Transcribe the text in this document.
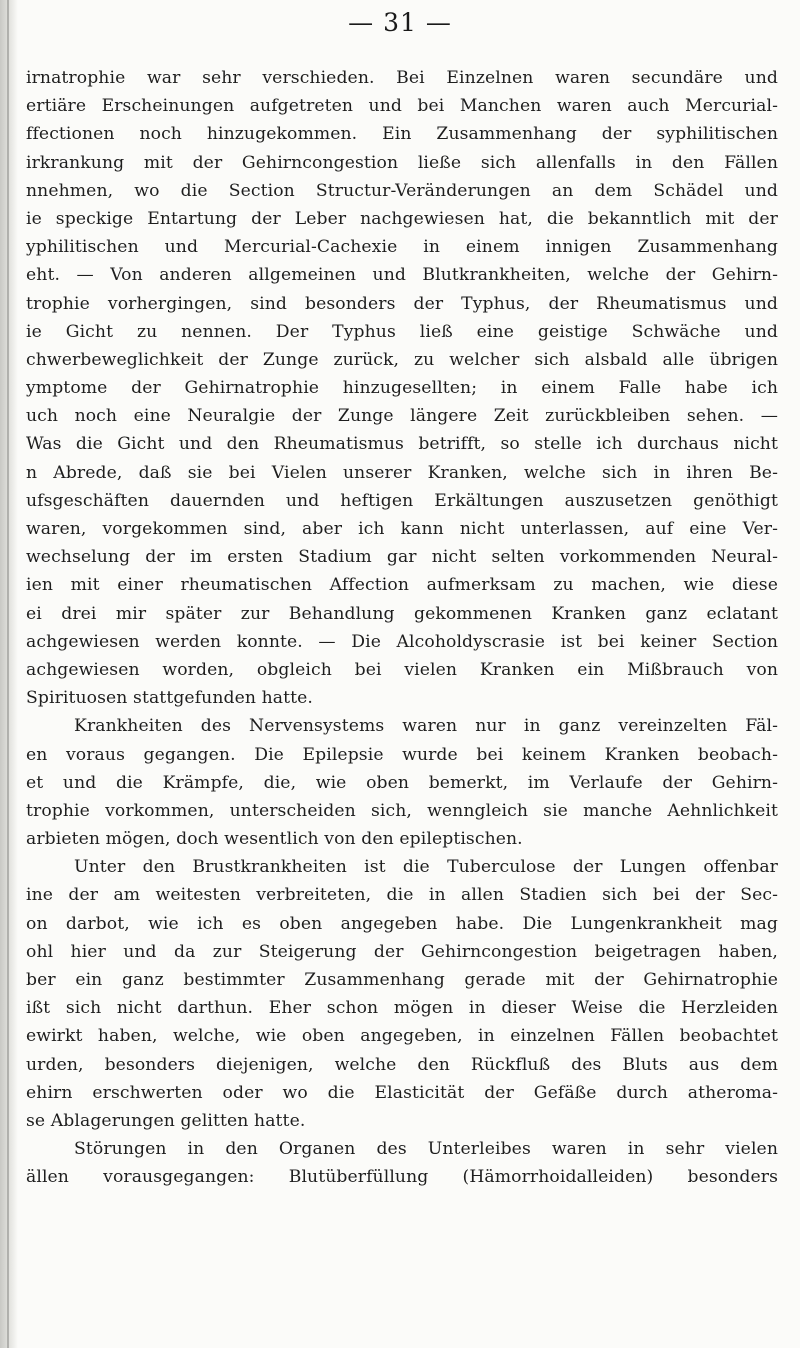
— 31 —
irnatrophie war sehr verschieden. Bei Einzelnen waren secundäre und
ertiäre Erscheinungen aufgetreten und bei Manchen waren auch Mercurial-
ffectionen noch hinzugekommen. Ein Zusammenhang der syphilitischen
irkrankung mit der Gehirncongestion ließe sich allenfalls in den Fällen
nnehmen, wo die Section Structur-Veränderungen an dem Schädel und
ie speckige Entartung der Leber nachgewiesen hat, die bekanntlich mit der
yphilitischen und Mercurial-Cachexie in einem innigen Zusammenhang
eht. — Von anderen allgemeinen und Blutkrankheiten, welche der Gehirn-
trophie vorhergingen, sind besonders der Typhus, der Rheumatismus und
ie Gicht zu nennen. Der Typhus ließ eine geistige Schwäche und
chwerbeweglichkeit der Zunge zurück, zu welcher sich alsbald alle übrigen
ymptome der Gehirnatrophie hinzugesellten; in einem Falle habe ich
uch noch eine Neuralgie der Zunge längere Zeit zurückbleiben sehen. —
Was die Gicht und den Rheumatismus betrifft, so stelle ich durchaus nicht
n Abrede, daß sie bei Vielen unserer Kranken, welche sich in ihren Be-
ufsgeschäften dauernden und heftigen Erkältungen auszusetzen genöthigt
waren, vorgekommen sind, aber ich kann nicht unterlassen, auf eine Ver-
wechselung der im ersten Stadium gar nicht selten vorkommenden Neural-
ien mit einer rheumatischen Affection aufmerksam zu machen, wie diese
ei drei mir später zur Behandlung gekommenen Kranken ganz eclatant
achgewiesen werden konnte. — Die Alcoholdyscrasie ist bei keiner Section
achgewiesen worden, obgleich bei vielen Kranken ein Mißbrauch von
Spirituosen stattgefunden hatte.
Krankheiten des Nervensystems waren nur in ganz vereinzelten Fäl-
en voraus gegangen. Die Epilepsie wurde bei keinem Kranken beobach-
et und die Krämpfe, die, wie oben bemerkt, im Verlaufe der Gehirn-
trophie vorkommen, unterscheiden sich, wenngleich sie manche Aehnlichkeit
arbieten mögen, doch wesentlich von den epileptischen.
Unter den Brustkrankheiten ist die Tuberculose der Lungen offenbar
ine der am weitesten verbreiteten, die in allen Stadien sich bei der Sec-
on darbot, wie ich es oben angegeben habe. Die Lungenkrankheit mag
ohl hier und da zur Steigerung der Gehirncongestion beigetragen haben,
ber ein ganz bestimmter Zusammenhang gerade mit der Gehirnatrophie
ißt sich nicht darthun. Eher schon mögen in dieser Weise die Herzleiden
ewirkt haben, welche, wie oben angegeben, in einzelnen Fällen beobachtet
urden, besonders diejenigen, welche den Rückfluß des Bluts aus dem
ehirn erschwerten oder wo die Elasticität der Gefäße durch atheroma-
se Ablagerungen gelitten hatte.
Störungen in den Organen des Unterleibes waren in sehr vielen
ällen vorausgegangen: Blutüberfüllung (Hämorrhoidalleiden) besonders
